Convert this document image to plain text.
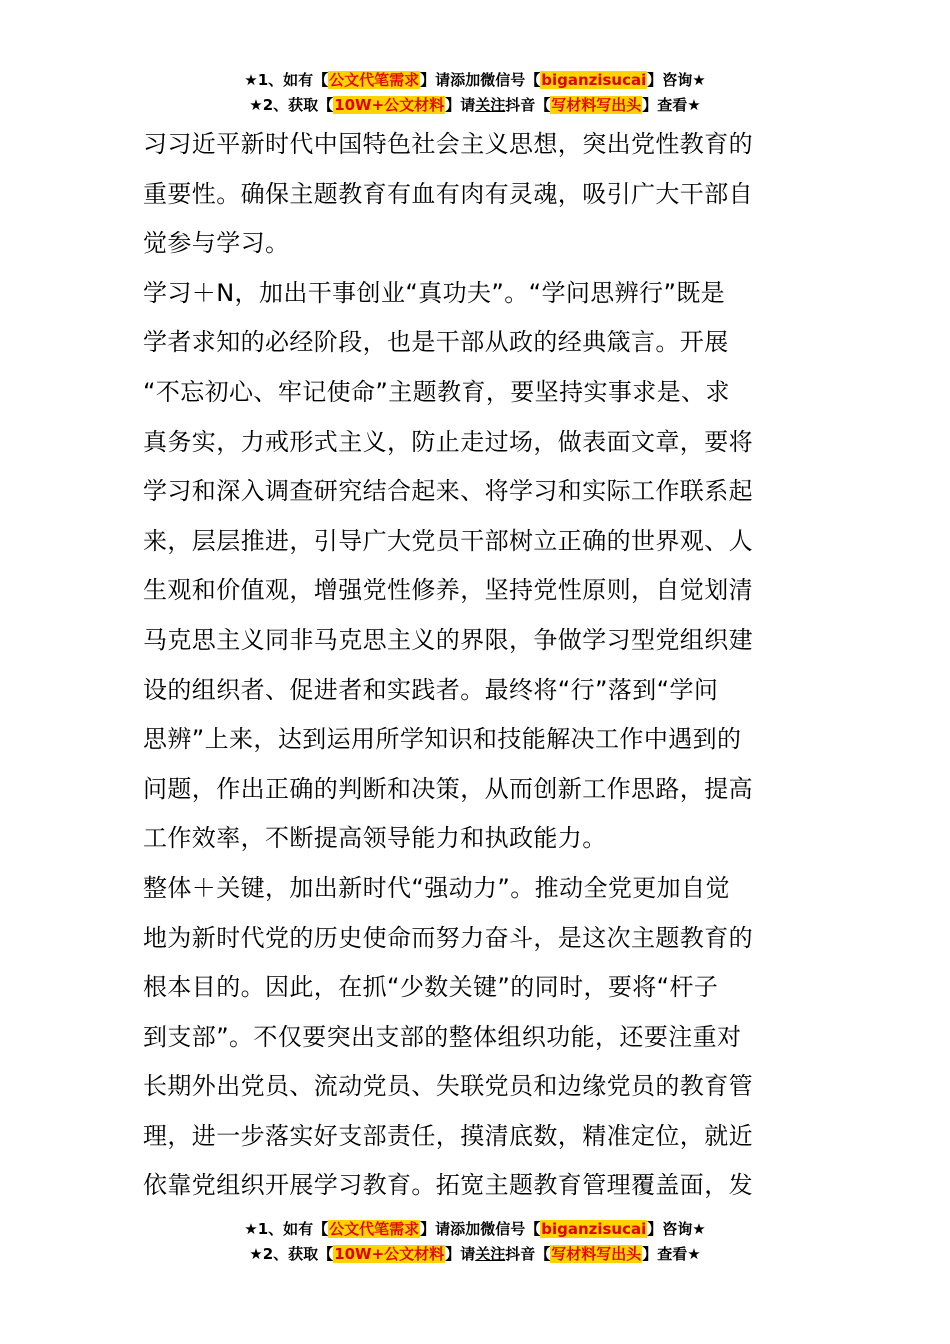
★1、如有【公文代笔需求】请添加微信号【biganzisucai】咨询★
★2、获取【10W+公文材料】请关注抖音【写材料写出头】查看★
习习近平新时代中国特色社会主义思想，突出党性教育的
重要性。确保主题教育有血有肉有灵魂，吸引广大干部自
觉参与学习。
学习＋N，加出干事创业“真功夫”。“学问思辨行”既是
学者求知的必经阶段，也是干部从政的经典箴言。开展
“不忘初心、牢记使命”主题教育，要坚持实事求是、求
真务实，力戒形式主义，防止走过场，做表面文章，要将
学习和深入调查研究结合起来、将学习和实际工作联系起
来，层层推进，引导广大党员干部树立正确的世界观、人
生观和价值观，增强党性修养，坚持党性原则，自觉划清
马克思主义同非马克思主义的界限，争做学习型党组织建
设的组织者、促进者和实践者。最终将“行”落到“学问
思辨”上来，达到运用所学知识和技能解决工作中遇到的
问题，作出正确的判断和决策，从而创新工作思路，提高
工作效率，不断提高领导能力和执政能力。
整体＋关键，加出新时代“强动力”。推动全党更加自觉
地为新时代党的历史使命而努力奋斗，是这次主题教育的
根本目的。因此，在抓“少数关键”的同时，要将“杆子
到支部”。不仅要突出支部的整体组织功能，还要注重对
长期外出党员、流动党员、失联党员和边缘党员的教育管
理，进一步落实好支部责任，摸清底数，精准定位，就近
依靠党组织开展学习教育。拓宽主题教育管理覆盖面，发
★1、如有【公文代笔需求】请添加微信号【biganzisucai】咨询★
★2、获取【10W+公文材料】请关注抖音【写材料写出头】查看★
